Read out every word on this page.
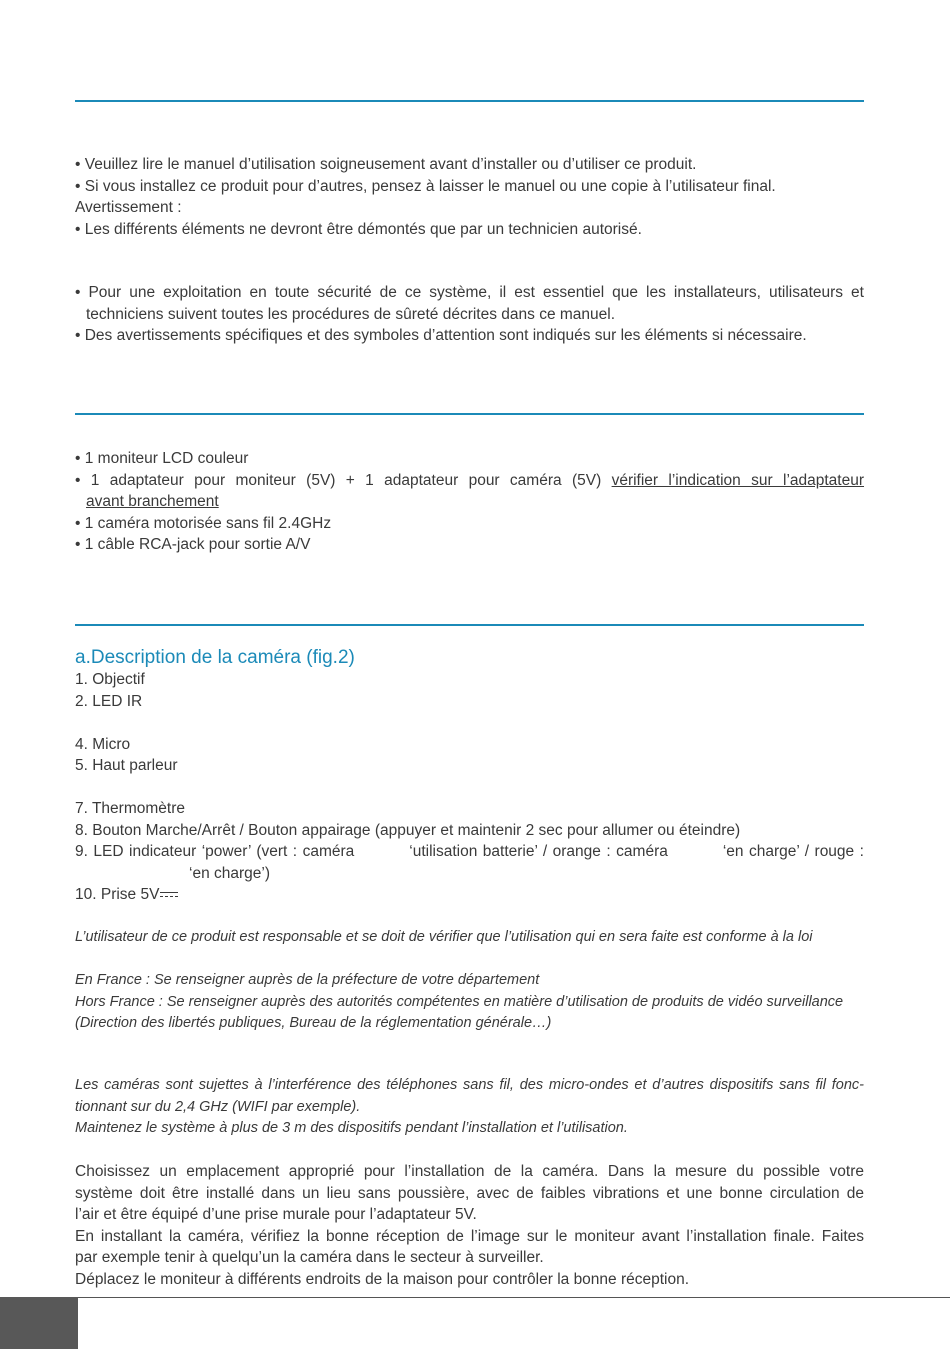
• Veuillez lire le manuel d’utilisation soigneusement avant d’installer ou d’utiliser ce produit.
• Si vous installez ce produit pour d’autres, pensez à laisser le manuel ou une copie à l’utilisateur final.
Avertissement :
• Les différents éléments ne devront être démontés que par un technicien autorisé.
• Pour une exploitation en toute sécurité de ce système, il est essentiel que les installateurs, utilisateurs et
techniciens suivent toutes les procédures de sûreté décrites dans ce manuel.
• Des avertissements spécifiques et des symboles d’attention sont indiqués sur les éléments si nécessaire.
• 1 moniteur LCD couleur
• 1 adaptateur pour moniteur (5V) + 1 adaptateur pour caméra (5V) vérifier l’indication sur l’adaptateur
avant branchement
• 1 caméra motorisée sans fil 2.4GHz
• 1 câble RCA-jack pour sortie A/V
a.Description de la caméra (fig.2)
1. Objectif
2. LED IR

4. Micro
5. Haut parleur

7. Thermomètre
8. Bouton Marche/Arrêt / Bouton appairage (appuyer et maintenir 2 sec pour allumer ou éteindre)
9. LED indicateur ‘power’ (vert : caméra	‘utilisation batterie’ / orange : caméra	‘en charge’ / rouge :
‘en charge’)
10. Prise 5V
L’utilisateur de ce produit est responsable et se doit de vérifier que l’utilisation qui en sera faite est conforme à la loi

En France : Se renseigner auprès de la préfecture de votre département
Hors France : Se renseigner auprès des autorités compétentes en matière d’utilisation de produits de vidéo surveillance
(Direction des libertés publiques, Bureau de la réglementation générale…)
Les caméras sont sujettes à l’interférence des téléphones sans fil, des micro-ondes et d’autres dispositifs sans fil fonc-
tionnant sur du 2,4 GHz (WIFI par exemple).
Maintenez le système à plus de 3 m des dispositifs pendant l’installation et l’utilisation.
Choisissez un emplacement approprié pour l’installation de la caméra. Dans la mesure du possible votre
système doit être installé dans un lieu sans poussière, avec de faibles vibrations et une bonne circulation de
l’air et être équipé d’une prise murale pour l’adaptateur 5V.
En installant la caméra, vérifiez la bonne réception de l’image sur le moniteur avant l’installation finale. Faites
par exemple tenir à quelqu’un la caméra dans le secteur à surveiller.
Déplacez le moniteur à différents endroits de la maison pour contrôler la bonne réception.
